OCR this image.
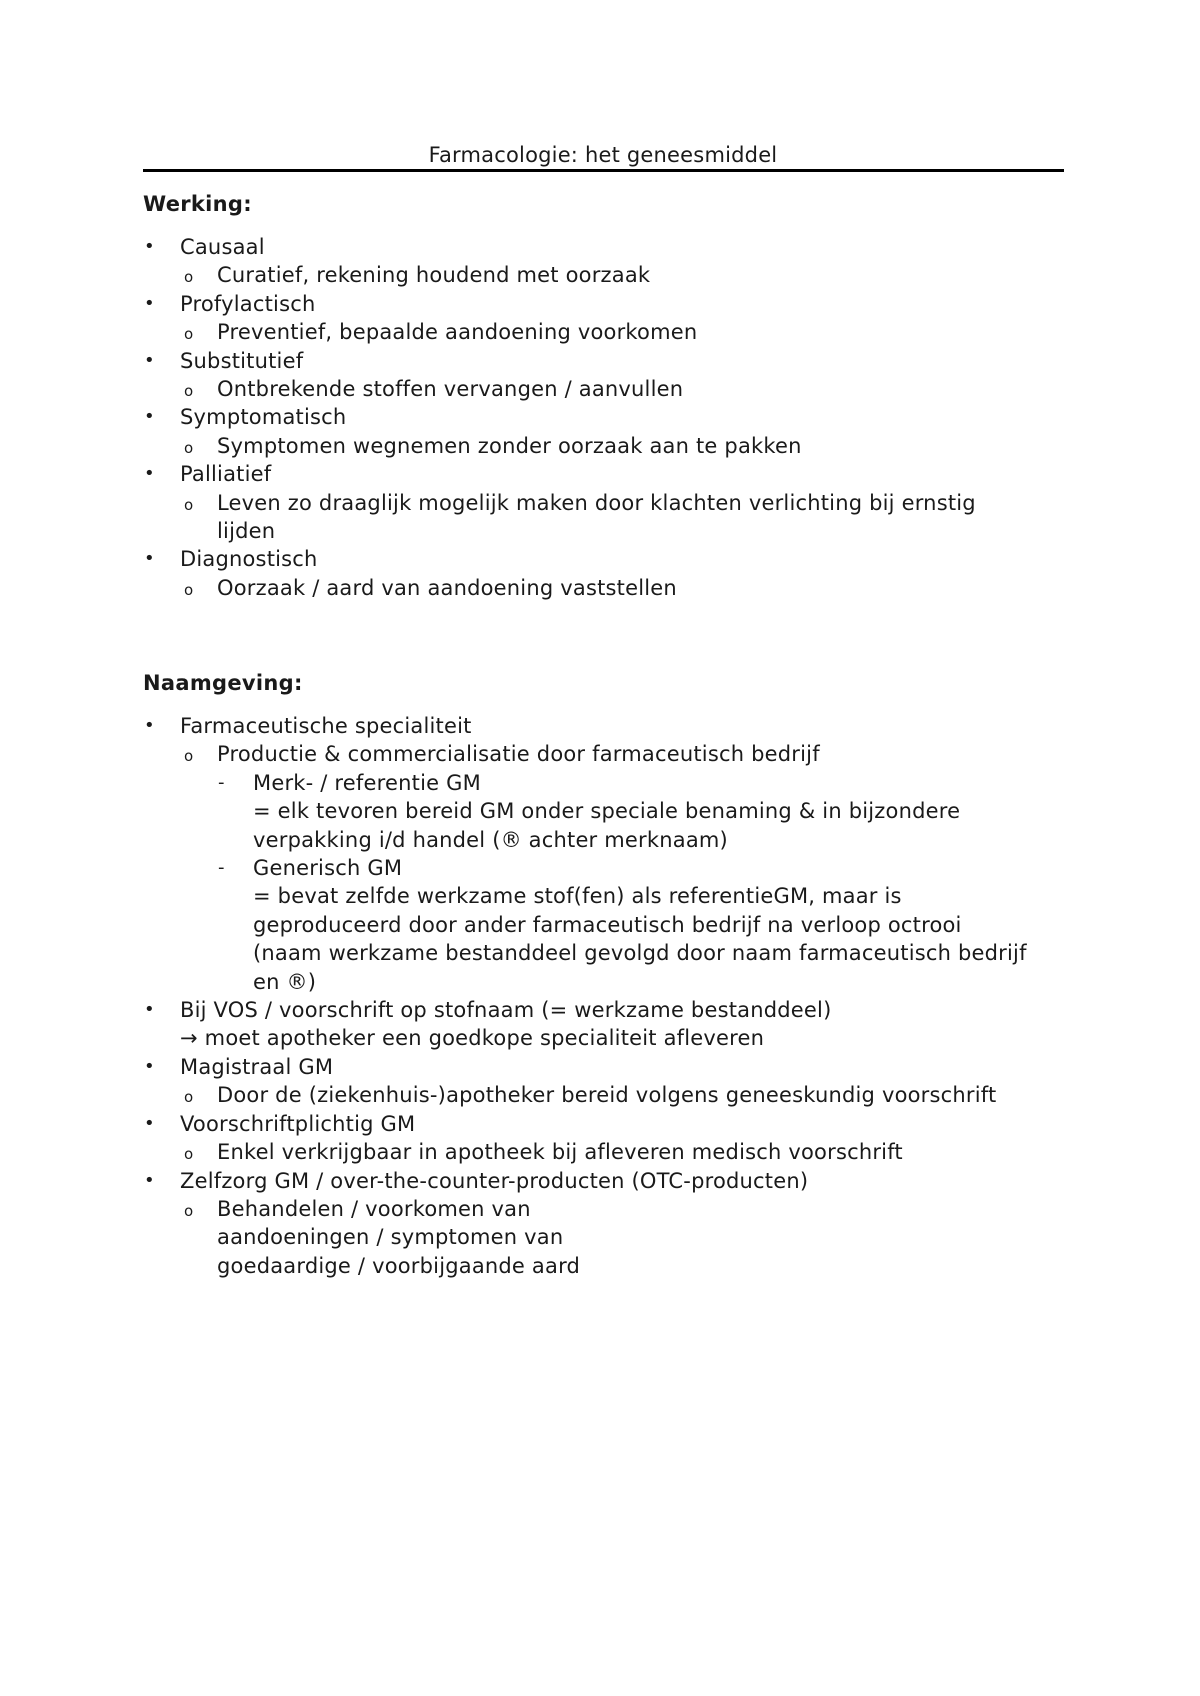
Farmacologie: het geneesmiddel
Werking:
• Causaal
o Curatief, rekening houdend met oorzaak
• Profylactisch
o Preventief, bepaalde aandoening voorkomen
• Substitutief
o Ontbrekende stoffen vervangen / aanvullen
• Symptomatisch
o Symptomen wegnemen zonder oorzaak aan te pakken
• Palliatief
o Leven zo draaglijk mogelijk maken door klachten verlichting bij ernstig
lijden
• Diagnostisch
o Oorzaak / aard van aandoening vaststellen
Naamgeving:
• Farmaceutische specialiteit
o Productie & commercialisatie door farmaceutisch bedrijf
- Merk- / referentie GM
= elk tevoren bereid GM onder speciale benaming & in bijzondere
verpakking i/d handel (® achter merknaam)
- Generisch GM
= bevat zelfde werkzame stof(fen) als referentieGM, maar is
geproduceerd door ander farmaceutisch bedrijf na verloop octrooi
(naam werkzame bestanddeel gevolgd door naam farmaceutisch bedrijf
en ®)
• Bij VOS / voorschrift op stofnaam (= werkzame bestanddeel)
→ moet apotheker een goedkope specialiteit afleveren
• Magistraal GM
o Door de (ziekenhuis-)apotheker bereid volgens geneeskundig voorschrift
• Voorschriftplichtig GM
o Enkel verkrijgbaar in apotheek bij afleveren medisch voorschrift
• Zelfzorg GM / over-the-counter-producten (OTC-producten)
o Behandelen / voorkomen van
aandoeningen / symptomen van
goedaardige / voorbijgaande aard
